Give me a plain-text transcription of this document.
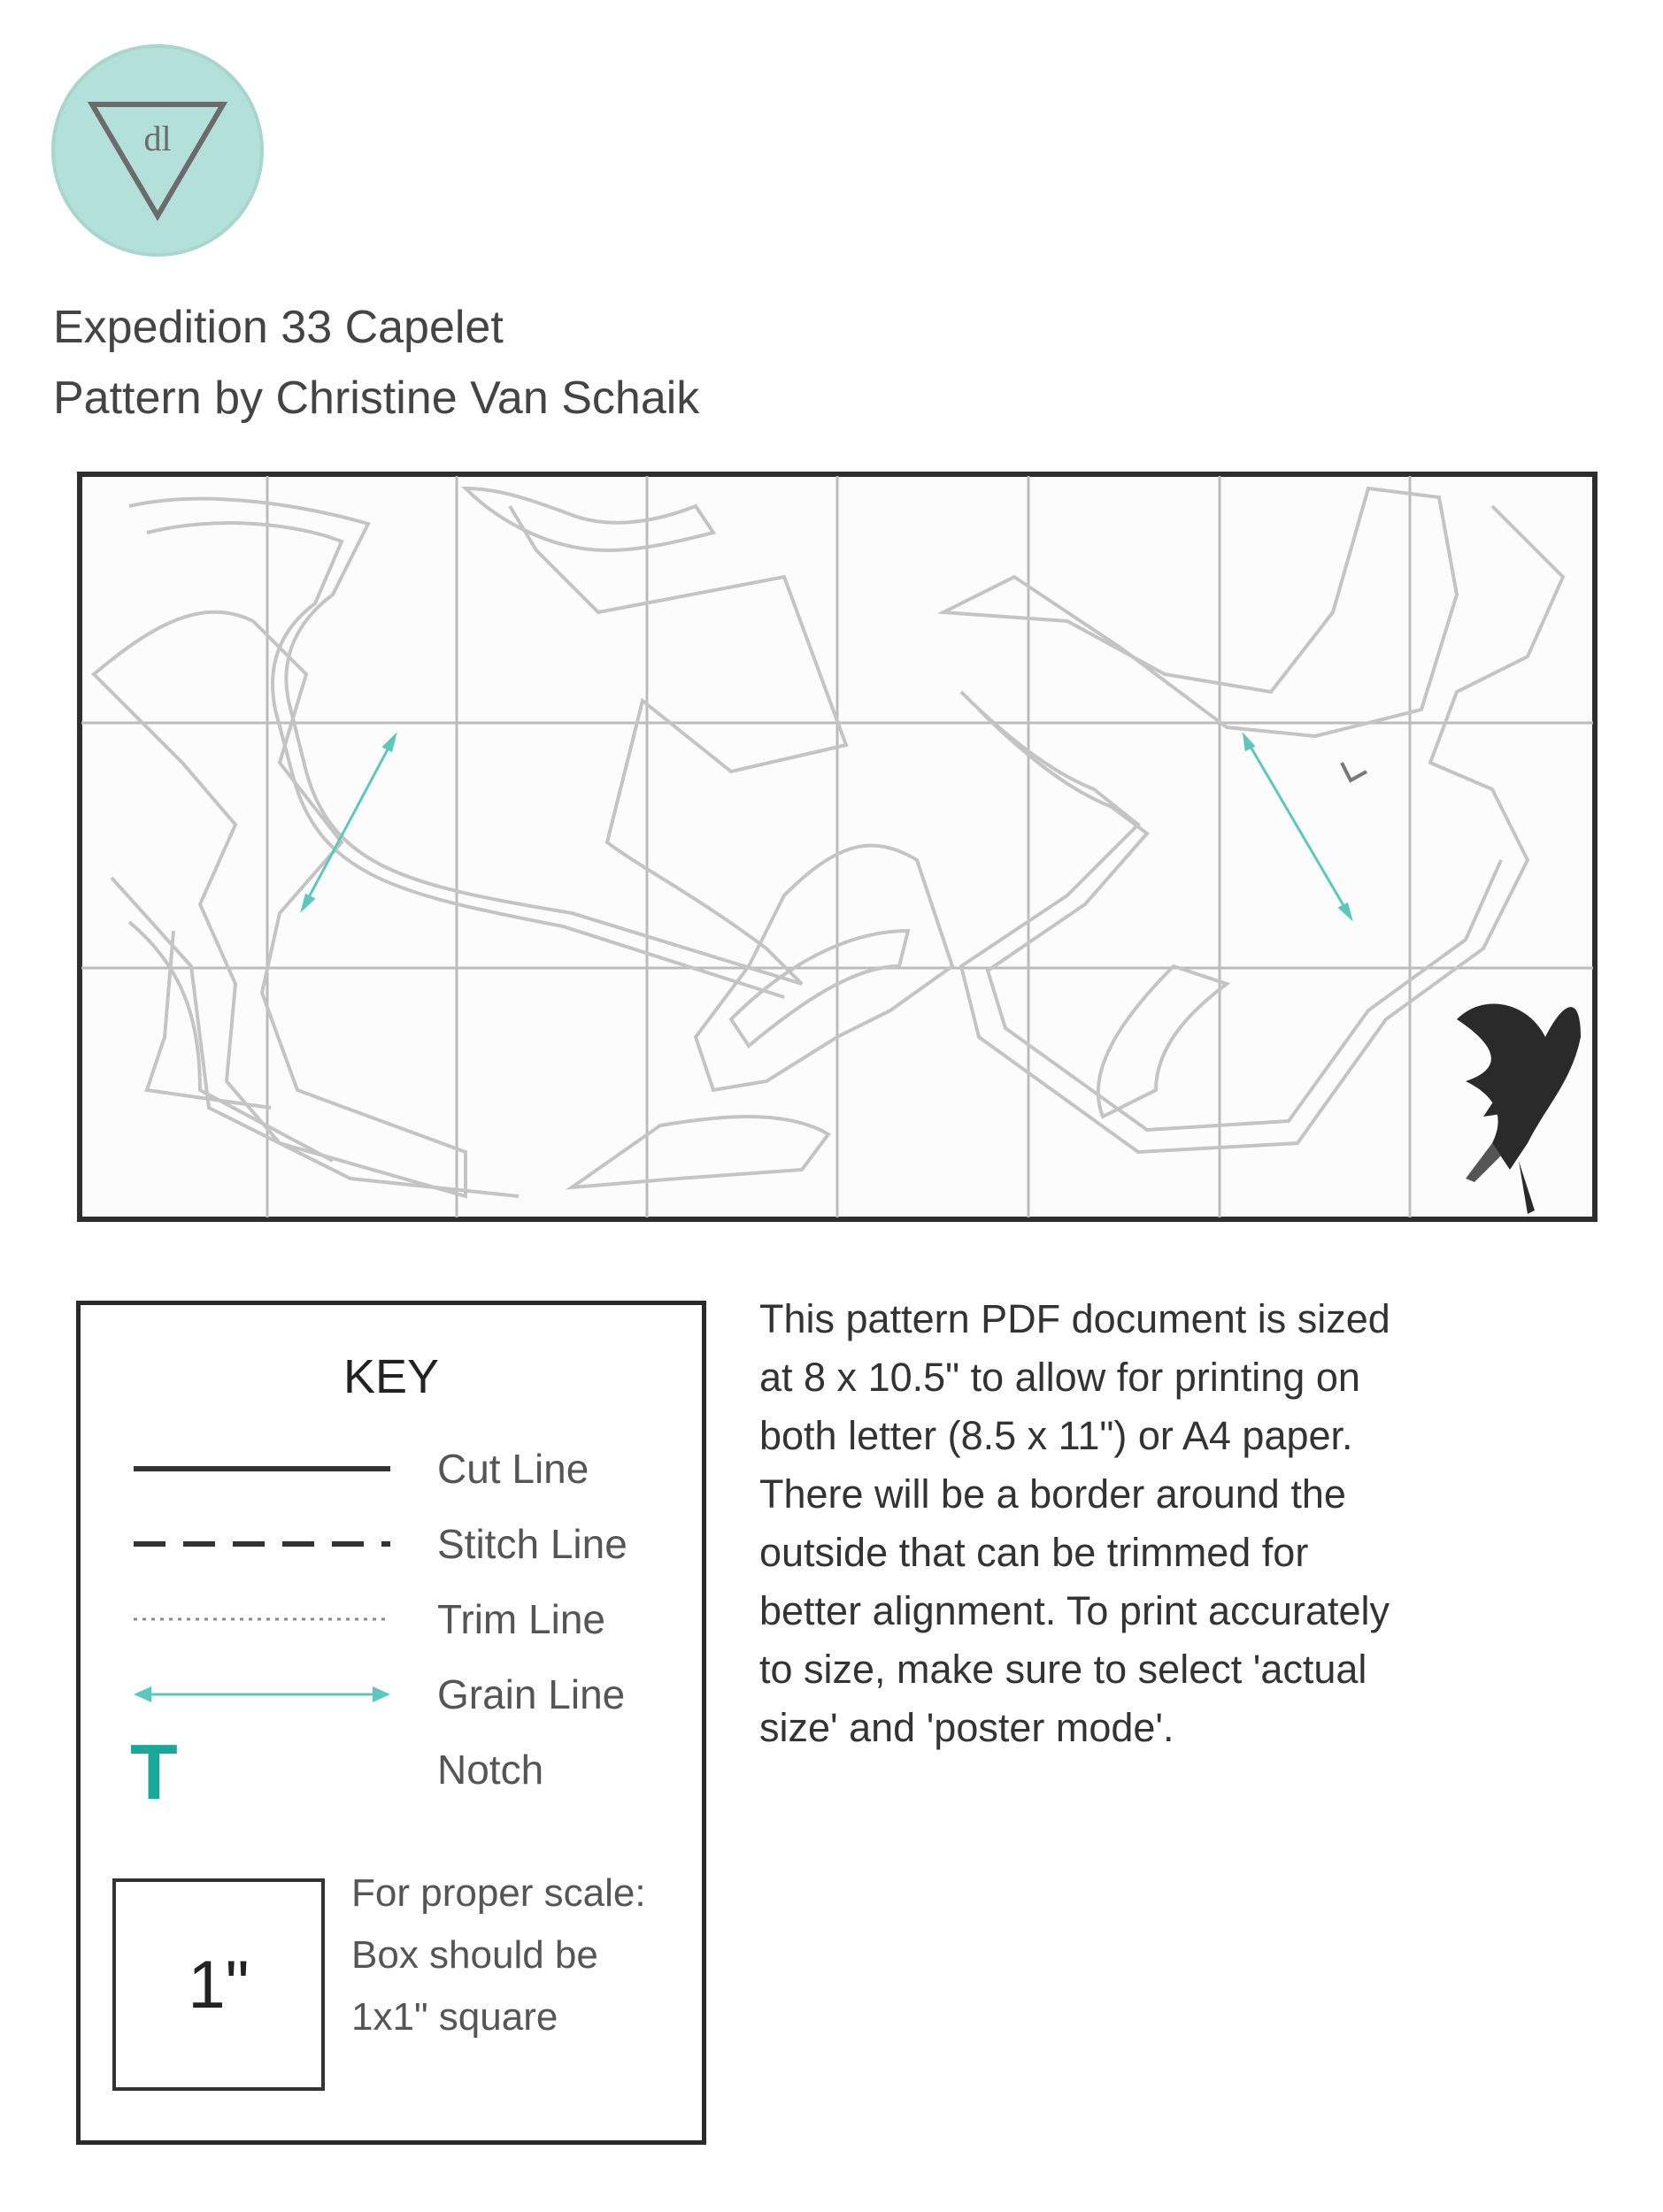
dl
Expedition 33 Capelet
Pattern by Christine Van Schaik
KEY
Cut Line
Stitch Line
Trim Line
Grain Line
T	Notch
1"
For proper scale:
Box should be
1x1" square
This pattern PDF document is sized
at 8 x 10.5" to allow for printing on
both letter (8.5 x 11") or A4 paper.
There will be a border around the
outside that can be trimmed for
better alignment. To print accurately
to size, make sure to select 'actual
size' and 'poster mode'.
